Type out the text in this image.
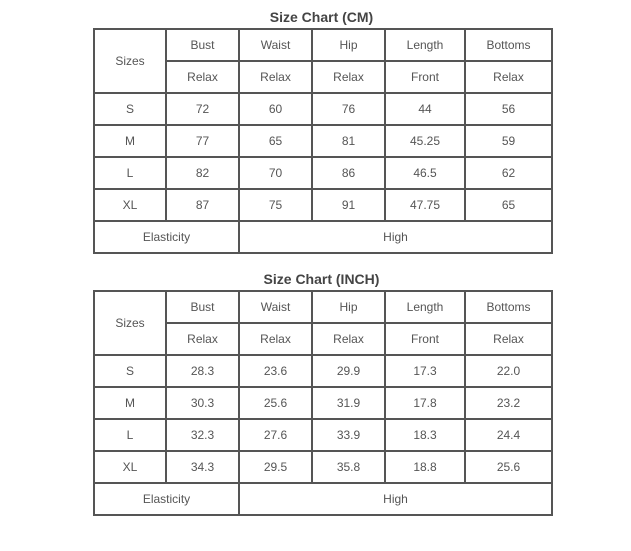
Size Chart (CM)
Sizes	Bust	Waist	Hip	Length	Bottoms
	Relax	Relax	Relax	Front	Relax
S	72	60	76	44	56
M	77	65	81	45.25	59
L	82	70	86	46.5	62
XL	87	75	91	47.75	65
Elasticity		High			
Size Chart (INCH)
Sizes	Bust	Waist	Hip	Length	Bottoms
	Relax	Relax	Relax	Front	Relax
S	28.3	23.6	29.9	17.3	22.0
M	30.3	25.6	31.9	17.8	23.2
L	32.3	27.6	33.9	18.3	24.4
XL	34.3	29.5	35.8	18.8	25.6
Elasticity		High			
